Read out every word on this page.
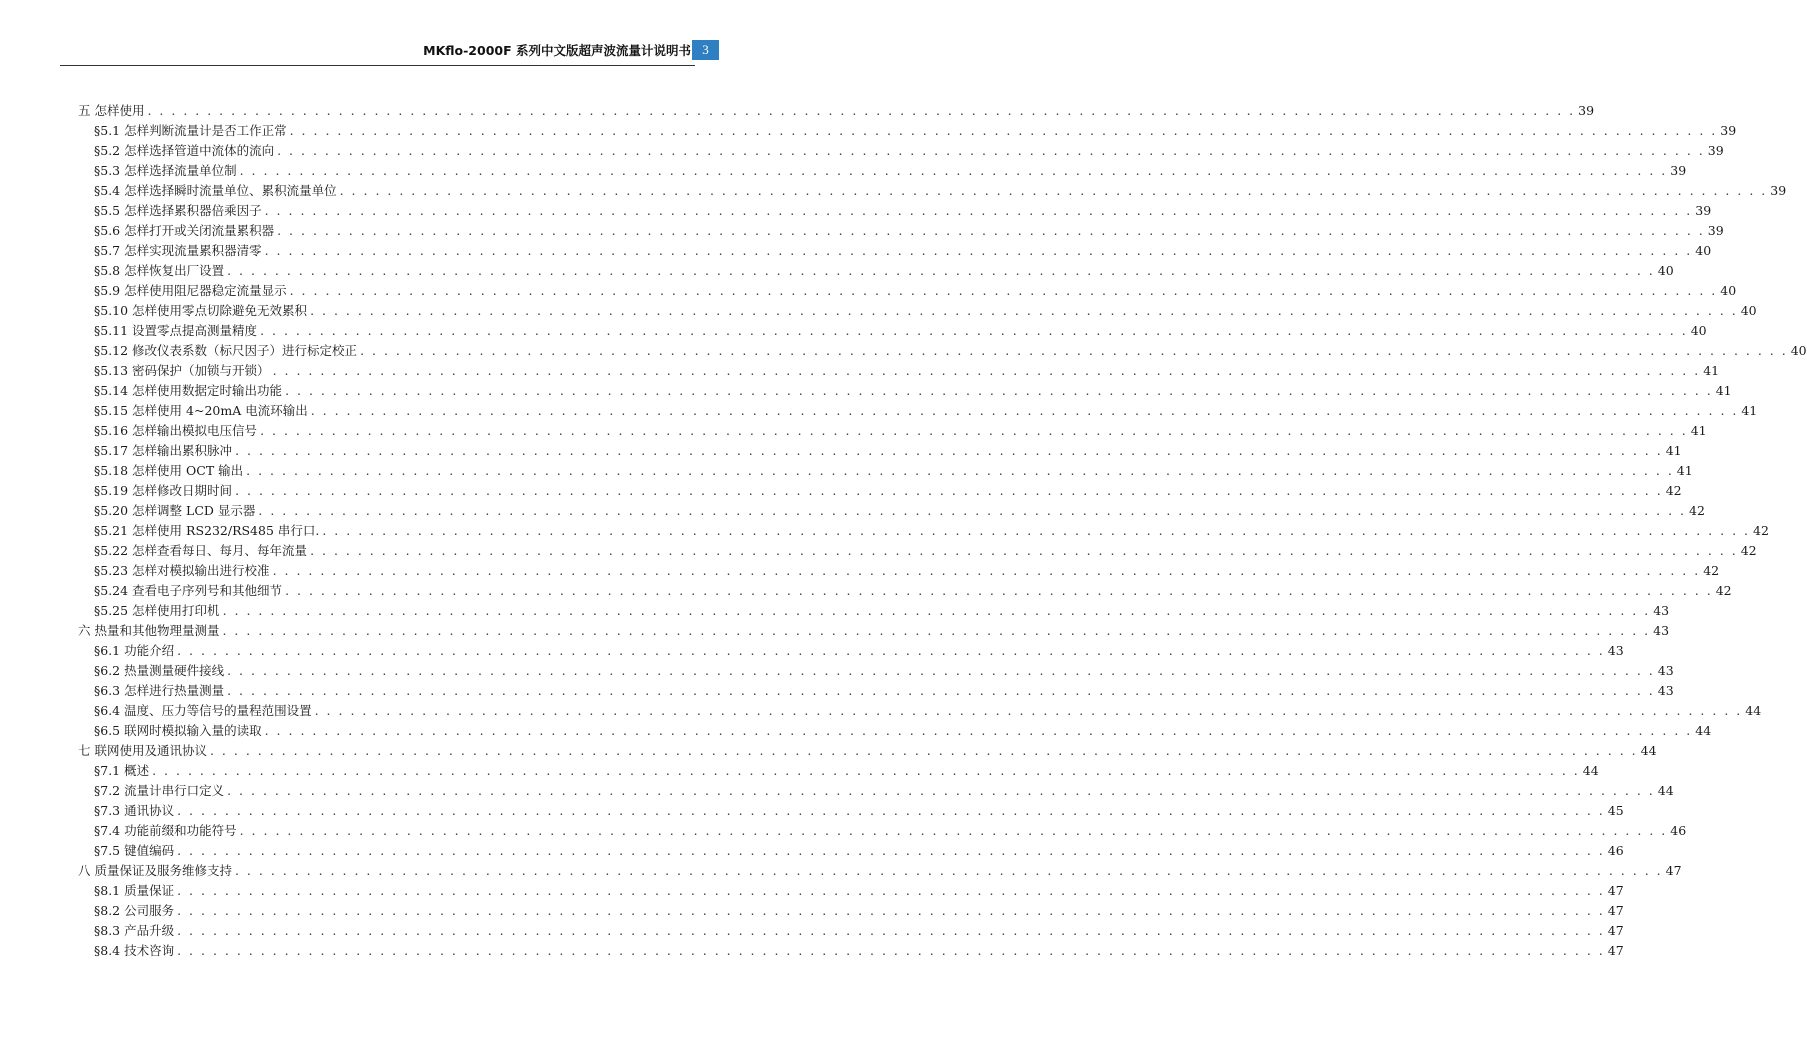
MKflo-2000F 系列中文版超声波流量计说明书 3
五 怎样使用 . . . . . . . . . . . . . . . . . . . . . . . . . . . . . . . . . . . . . . . . . . . . . . . . . . . . . . . . . . . . . . . . . . . . . . . . . . . . . . . . . . . . . . . . . . . . . . . . . . . . . . . . . . . . . . . . . . . . . . . . 39
§5.1 怎样判断流量计是否工作正常 . . . . . . . . . . . . . . . . . . . . . . . . . . . . . . . . . . . . . . . . . . . . . . . . . . . . . . . . . . . . . . . . . . . . . . . . . . . . . . . . . . . . . . . . . . . . . . . . . . . . . . . . . . . . . . . . . . . . . . . . 39
§5.2 怎样选择管道中流体的流向 . . . . . . . . . . . . . . . . . . . . . . . . . . . . . . . . . . . . . . . . . . . . . . . . . . . . . . . . . . . . . . . . . . . . . . . . . . . . . . . . . . . . . . . . . . . . . . . . . . . . . . . . . . . . . . . . . . . . . . . . 39
§5.3 怎样选择流量单位制 . . . . . . . . . . . . . . . . . . . . . . . . . . . . . . . . . . . . . . . . . . . . . . . . . . . . . . . . . . . . . . . . . . . . . . . . . . . . . . . . . . . . . . . . . . . . . . . . . . . . . . . . . . . . . . . . . . . . . . . . 39
§5.4 怎样选择瞬时流量单位、累积流量单位 . . . . . . . . . . . . . . . . . . . . . . . . . . . . . . . . . . . . . . . . . . . . . . . . . . . . . . . . . . . . . . . . . . . . . . . . . . . . . . . . . . . . . . . . . . . . . . . . . . . . . . . . . . . . . . . . . . . . . . . . 39
§5.5 怎样选择累积器倍乘因子 . . . . . . . . . . . . . . . . . . . . . . . . . . . . . . . . . . . . . . . . . . . . . . . . . . . . . . . . . . . . . . . . . . . . . . . . . . . . . . . . . . . . . . . . . . . . . . . . . . . . . . . . . . . . . . . . . . . . . . . . 39
§5.6 怎样打开或关闭流量累积器 . . . . . . . . . . . . . . . . . . . . . . . . . . . . . . . . . . . . . . . . . . . . . . . . . . . . . . . . . . . . . . . . . . . . . . . . . . . . . . . . . . . . . . . . . . . . . . . . . . . . . . . . . . . . . . . . . . . . . . . . 39
§5.7 怎样实现流量累积器清零 . . . . . . . . . . . . . . . . . . . . . . . . . . . . . . . . . . . . . . . . . . . . . . . . . . . . . . . . . . . . . . . . . . . . . . . . . . . . . . . . . . . . . . . . . . . . . . . . . . . . . . . . . . . . . . . . . . . . . . . . 40
§5.8 怎样恢复出厂设置 . . . . . . . . . . . . . . . . . . . . . . . . . . . . . . . . . . . . . . . . . . . . . . . . . . . . . . . . . . . . . . . . . . . . . . . . . . . . . . . . . . . . . . . . . . . . . . . . . . . . . . . . . . . . . . . . . . . . . . . . 40
§5.9 怎样使用阻尼器稳定流量显示 . . . . . . . . . . . . . . . . . . . . . . . . . . . . . . . . . . . . . . . . . . . . . . . . . . . . . . . . . . . . . . . . . . . . . . . . . . . . . . . . . . . . . . . . . . . . . . . . . . . . . . . . . . . . . . . . . . . . . . . . 40
§5.10 怎样使用零点切除避免无效累积 . . . . . . . . . . . . . . . . . . . . . . . . . . . . . . . . . . . . . . . . . . . . . . . . . . . . . . . . . . . . . . . . . . . . . . . . . . . . . . . . . . . . . . . . . . . . . . . . . . . . . . . . . . . . . . . . . . . . . . . . 40
§5.11 设置零点提高测量精度 . . . . . . . . . . . . . . . . . . . . . . . . . . . . . . . . . . . . . . . . . . . . . . . . . . . . . . . . . . . . . . . . . . . . . . . . . . . . . . . . . . . . . . . . . . . . . . . . . . . . . . . . . . . . . . . . . . . . . . . . 40
§5.12 修改仪表系数（标尺因子）进行标定校正 . . . . . . . . . . . . . . . . . . . . . . . . . . . . . . . . . . . . . . . . . . . . . . . . . . . . . . . . . . . . . . . . . . . . . . . . . . . . . . . . . . . . . . . . . . . . . . . . . . . . . . . . . . . . . . . . . . . . . . . . 40
§5.13 密码保护（加锁与开锁） . . . . . . . . . . . . . . . . . . . . . . . . . . . . . . . . . . . . . . . . . . . . . . . . . . . . . . . . . . . . . . . . . . . . . . . . . . . . . . . . . . . . . . . . . . . . . . . . . . . . . . . . . . . . . . . . . . . . . . . . 41
§5.14 怎样使用数据定时输出功能 . . . . . . . . . . . . . . . . . . . . . . . . . . . . . . . . . . . . . . . . . . . . . . . . . . . . . . . . . . . . . . . . . . . . . . . . . . . . . . . . . . . . . . . . . . . . . . . . . . . . . . . . . . . . . . . . . . . . . . . . 41
§5.15 怎样使用 4~20mA 电流环输出 . . . . . . . . . . . . . . . . . . . . . . . . . . . . . . . . . . . . . . . . . . . . . . . . . . . . . . . . . . . . . . . . . . . . . . . . . . . . . . . . . . . . . . . . . . . . . . . . . . . . . . . . . . . . . . . . . . . . . . . . 41
§5.16 怎样输出模拟电压信号 . . . . . . . . . . . . . . . . . . . . . . . . . . . . . . . . . . . . . . . . . . . . . . . . . . . . . . . . . . . . . . . . . . . . . . . . . . . . . . . . . . . . . . . . . . . . . . . . . . . . . . . . . . . . . . . . . . . . . . . . 41
§5.17 怎样输出累积脉冲 . . . . . . . . . . . . . . . . . . . . . . . . . . . . . . . . . . . . . . . . . . . . . . . . . . . . . . . . . . . . . . . . . . . . . . . . . . . . . . . . . . . . . . . . . . . . . . . . . . . . . . . . . . . . . . . . . . . . . . . . 41
§5.18 怎样使用 OCT 输出 . . . . . . . . . . . . . . . . . . . . . . . . . . . . . . . . . . . . . . . . . . . . . . . . . . . . . . . . . . . . . . . . . . . . . . . . . . . . . . . . . . . . . . . . . . . . . . . . . . . . . . . . . . . . . . . . . . . . . . . . 41
§5.19 怎样修改日期时间 . . . . . . . . . . . . . . . . . . . . . . . . . . . . . . . . . . . . . . . . . . . . . . . . . . . . . . . . . . . . . . . . . . . . . . . . . . . . . . . . . . . . . . . . . . . . . . . . . . . . . . . . . . . . . . . . . . . . . . . . 42
§5.20 怎样调整 LCD 显示器 . . . . . . . . . . . . . . . . . . . . . . . . . . . . . . . . . . . . . . . . . . . . . . . . . . . . . . . . . . . . . . . . . . . . . . . . . . . . . . . . . . . . . . . . . . . . . . . . . . . . . . . . . . . . . . . . . . . . . . . . 42
§5.21 怎样使用 RS232/RS485 串行口. . . . . . . . . . . . . . . . . . . . . . . . . . . . . . . . . . . . . . . . . . . . . . . . . . . . . . . . . . . . . . . . . . . . . . . . . . . . . . . . . . . . . . . . . . . . . . . . . . . . . . . . . . . . . . . . . . . . . . . . . 42
§5.22 怎样查看每日、每月、每年流量 . . . . . . . . . . . . . . . . . . . . . . . . . . . . . . . . . . . . . . . . . . . . . . . . . . . . . . . . . . . . . . . . . . . . . . . . . . . . . . . . . . . . . . . . . . . . . . . . . . . . . . . . . . . . . . . . . . . . . . . . 42
§5.23 怎样对模拟输出进行校准 . . . . . . . . . . . . . . . . . . . . . . . . . . . . . . . . . . . . . . . . . . . . . . . . . . . . . . . . . . . . . . . . . . . . . . . . . . . . . . . . . . . . . . . . . . . . . . . . . . . . . . . . . . . . . . . . . . . . . . . . 42
§5.24 查看电子序列号和其他细节 . . . . . . . . . . . . . . . . . . . . . . . . . . . . . . . . . . . . . . . . . . . . . . . . . . . . . . . . . . . . . . . . . . . . . . . . . . . . . . . . . . . . . . . . . . . . . . . . . . . . . . . . . . . . . . . . . . . . . . . . 42
§5.25 怎样使用打印机 . . . . . . . . . . . . . . . . . . . . . . . . . . . . . . . . . . . . . . . . . . . . . . . . . . . . . . . . . . . . . . . . . . . . . . . . . . . . . . . . . . . . . . . . . . . . . . . . . . . . . . . . . . . . . . . . . . . . . . . . 43
六 热量和其他物理量测量 . . . . . . . . . . . . . . . . . . . . . . . . . . . . . . . . . . . . . . . . . . . . . . . . . . . . . . . . . . . . . . . . . . . . . . . . . . . . . . . . . . . . . . . . . . . . . . . . . . . . . . . . . . . . . . . . . . . . . . . . 43
§6.1 功能介绍 . . . . . . . . . . . . . . . . . . . . . . . . . . . . . . . . . . . . . . . . . . . . . . . . . . . . . . . . . . . . . . . . . . . . . . . . . . . . . . . . . . . . . . . . . . . . . . . . . . . . . . . . . . . . . . . . . . . . . . . . 43
§6.2 热量测量硬件接线 . . . . . . . . . . . . . . . . . . . . . . . . . . . . . . . . . . . . . . . . . . . . . . . . . . . . . . . . . . . . . . . . . . . . . . . . . . . . . . . . . . . . . . . . . . . . . . . . . . . . . . . . . . . . . . . . . . . . . . . . 43
§6.3 怎样进行热量测量 . . . . . . . . . . . . . . . . . . . . . . . . . . . . . . . . . . . . . . . . . . . . . . . . . . . . . . . . . . . . . . . . . . . . . . . . . . . . . . . . . . . . . . . . . . . . . . . . . . . . . . . . . . . . . . . . . . . . . . . . 43
§6.4 温度、压力等信号的量程范围设置 . . . . . . . . . . . . . . . . . . . . . . . . . . . . . . . . . . . . . . . . . . . . . . . . . . . . . . . . . . . . . . . . . . . . . . . . . . . . . . . . . . . . . . . . . . . . . . . . . . . . . . . . . . . . . . . . . . . . . . . . 44
§6.5 联网时模拟输入量的读取 . . . . . . . . . . . . . . . . . . . . . . . . . . . . . . . . . . . . . . . . . . . . . . . . . . . . . . . . . . . . . . . . . . . . . . . . . . . . . . . . . . . . . . . . . . . . . . . . . . . . . . . . . . . . . . . . . . . . . . . . 44
七 联网使用及通讯协议 . . . . . . . . . . . . . . . . . . . . . . . . . . . . . . . . . . . . . . . . . . . . . . . . . . . . . . . . . . . . . . . . . . . . . . . . . . . . . . . . . . . . . . . . . . . . . . . . . . . . . . . . . . . . . . . . . . . . . . . . 44
§7.1 概述 . . . . . . . . . . . . . . . . . . . . . . . . . . . . . . . . . . . . . . . . . . . . . . . . . . . . . . . . . . . . . . . . . . . . . . . . . . . . . . . . . . . . . . . . . . . . . . . . . . . . . . . . . . . . . . . . . . . . . . . . 44
§7.2 流量计串行口定义 . . . . . . . . . . . . . . . . . . . . . . . . . . . . . . . . . . . . . . . . . . . . . . . . . . . . . . . . . . . . . . . . . . . . . . . . . . . . . . . . . . . . . . . . . . . . . . . . . . . . . . . . . . . . . . . . . . . . . . . . 44
§7.3 通讯协议 . . . . . . . . . . . . . . . . . . . . . . . . . . . . . . . . . . . . . . . . . . . . . . . . . . . . . . . . . . . . . . . . . . . . . . . . . . . . . . . . . . . . . . . . . . . . . . . . . . . . . . . . . . . . . . . . . . . . . . . . 45
§7.4 功能前缀和功能符号 . . . . . . . . . . . . . . . . . . . . . . . . . . . . . . . . . . . . . . . . . . . . . . . . . . . . . . . . . . . . . . . . . . . . . . . . . . . . . . . . . . . . . . . . . . . . . . . . . . . . . . . . . . . . . . . . . . . . . . . . 46
§7.5 键值编码 . . . . . . . . . . . . . . . . . . . . . . . . . . . . . . . . . . . . . . . . . . . . . . . . . . . . . . . . . . . . . . . . . . . . . . . . . . . . . . . . . . . . . . . . . . . . . . . . . . . . . . . . . . . . . . . . . . . . . . . . 46
八 质量保证及服务维修支持 . . . . . . . . . . . . . . . . . . . . . . . . . . . . . . . . . . . . . . . . . . . . . . . . . . . . . . . . . . . . . . . . . . . . . . . . . . . . . . . . . . . . . . . . . . . . . . . . . . . . . . . . . . . . . . . . . . . . . . . . 47
§8.1 质量保证 . . . . . . . . . . . . . . . . . . . . . . . . . . . . . . . . . . . . . . . . . . . . . . . . . . . . . . . . . . . . . . . . . . . . . . . . . . . . . . . . . . . . . . . . . . . . . . . . . . . . . . . . . . . . . . . . . . . . . . . . 47
§8.2 公司服务 . . . . . . . . . . . . . . . . . . . . . . . . . . . . . . . . . . . . . . . . . . . . . . . . . . . . . . . . . . . . . . . . . . . . . . . . . . . . . . . . . . . . . . . . . . . . . . . . . . . . . . . . . . . . . . . . . . . . . . . . 47
§8.3 产品升级 . . . . . . . . . . . . . . . . . . . . . . . . . . . . . . . . . . . . . . . . . . . . . . . . . . . . . . . . . . . . . . . . . . . . . . . . . . . . . . . . . . . . . . . . . . . . . . . . . . . . . . . . . . . . . . . . . . . . . . . . 47
§8.4 技术咨询 . . . . . . . . . . . . . . . . . . . . . . . . . . . . . . . . . . . . . . . . . . . . . . . . . . . . . . . . . . . . . . . . . . . . . . . . . . . . . . . . . . . . . . . . . . . . . . . . . . . . . . . . . . . . . . . . . . . . . . . . 47
